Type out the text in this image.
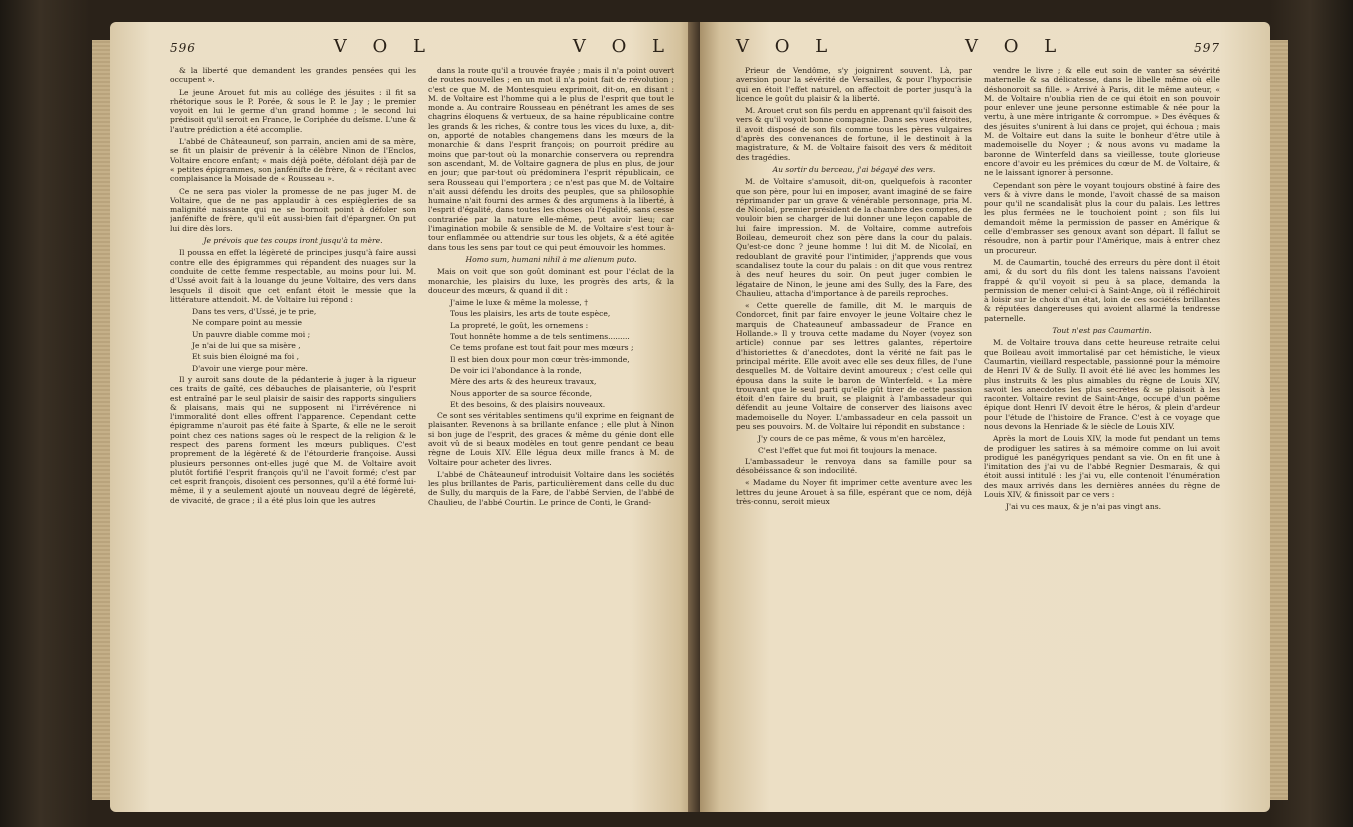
596	V O L	V O L

& la liberté que demandent les grandes pensées qui les occupent ».

Le jeune Arouet fut mis au collége des jésuites : il fit sa rhétorique sous le P. Porée, & sous le P. le Jay ; le premier voyoit en lui le germe d'un grand homme ; le second lui prédisoit qu'il seroit en France, le Coriphée du deïsme. L'une & l'autre prédiction a été accomplie.

L'abbé de Châteauneuf, son parrain, ancien ami de sa mère, se fit un plaisir de prévenir à la célèbre Ninon de l'Enclos, Voltaire encore enfant; « mais déjà poëte, défolant déjà par de « petites épigrammes, son janfénifte de frère, & « récitant avec complaisance la Moisade de « Rousseau ».

Ce ne sera pas violer la promesse de ne pas juger M. de Voltaire, que de ne pas applaudir à ces espiègleries de sa malignité naissante qui ne se bornoit point à défoler son janfénifte de frère, qu'il eût aussi-bien fait d'épargner. On put lui dire dès lors.

Je prévois que tes coups iront jusqu'à ta mère.

Il poussa en effet la légèreté de principes jusqu'à faire aussi contre elle des épigrammes qui répandent des nuages sur la conduite de cette femme respectable, au moins pour lui. M. d'Ussé avoit fait à la louange du jeune Voltaire, des vers dans lesquels il disoit que cet enfant étoit le messie que la littérature attendoit. M. de Voltaire lui répond :

Dans tes vers, d'Ussé, je te prie,

Ne compare point au messie

Un pauvre diable comme moi ;

Je n'ai de lui que sa misère ,

Et suis bien éloigné ma foi ,

D'avoir une vierge pour mère.

Il y auroit sans doute de la pédanterie à juger à la rigueur ces traits de gaîté, ces débauches de plaisanterie, où l'esprit est entraîné par le seul plaisir de saisir des rapports singuliers & plaisans, mais qui ne supposent ni l'irrévérence ni l'immoralité dont elles offrent l'apparence. Cependant cette épigramme n'auroit pas été faite à Sparte, & elle ne le seroit point chez ces nations sages où le respect de la religion & le respect des parens forment les mœurs publiques. C'est proprement de la légèreté & de l'étourderie françoise. Aussi plusieurs personnes ont-elles jugé que M. de Voltaire avoit plutôt fortifié l'esprit françois qu'il ne l'avoit formé; c'est par cet esprit françois, disoient ces personnes, qu'il a été formé lui-même, il y a seulement ajouté un nouveau degré de légèreté, de vivacité, de grace ; il a été plus loin que les autres

dans la route qu'il a trouvée frayée ; mais il n'a point ouvert de routes nouvelles ; en un mot il n'a point fait de révolution ; c'est ce que M. de Montesquieu exprimoit, dit-on, en disant : M. de Voltaire est l'homme qui a le plus de l'esprit que tout le monde a. Au contraire Rousseau en pénétrant les ames de ses chagrins éloquens & vertueux, de sa haine républicaine contre les grands & les riches, & contre tous les vices du luxe, a, dit-on, apporté de notables changemens dans les mœurs de la monarchie & dans l'esprit françois; on pourroit prédire au moins que par-tout où la monarchie conservera ou reprendra son ascendant, M. de Voltaire gagnera de plus en plus, de jour en jour; que par-tout où prédominera l'esprit républicain, ce sera Rousseau qui l'emportera ; ce n'est pas que M. de Voltaire n'ait aussi défendu les droits des peuples, que sa philosophie humaine n'ait fourni des armes & des argumens à la liberté, à l'esprit d'égalité, dans toutes les choses où l'égalité, sans cesse contrariée par la nature elle-même, peut avoir lieu; car l'imagination mobile & sensible de M. de Voltaire s'est tour à-tour enflammée ou attendrie sur tous les objets, & a été agitée dans tous les sens par tout ce qui peut émouvoir les hommes.

Homo sum, humani nihil à me alienum puto.

Mais on voit que son goût dominant est pour l'éclat de la monarchie, les plaisirs du luxe, les progrès des arts, & la douceur des mœurs, & quand il dit :

J'aime le luxe & même la molesse, †

Tous les plaisirs, les arts de toute espèce,

La propreté, le goût, les ornemens :

Tout honnête homme a de tels sentimens.........

Ce tems profane est tout fait pour mes mœurs ;

Il est bien doux pour mon cœur très-immonde,

De voir ici l'abondance à la ronde,

Mère des arts & des heureux travaux,

Nous apporter de sa source féconde,

Et des besoins, & des plaisirs nouveaux.

Ce sont ses véritables sentimens qu'il exprime en feignant de plaisanter. Revenons à sa brillante enfance ; elle plut à Ninon si bon juge de l'esprit, des graces & même du génie dont elle avoit vû de si beaux modèles en tout genre pendant ce beau règne de Louis XIV. Elle légua deux mille francs à M. de Voltaire pour acheter des livres.

L'abbé de Châteauneuf introduisit Voltaire dans les sociétés les plus brillantes de Paris, particulièrement dans celle du duc de Sully, du marquis de la Fare, de l'abbé Servien, de l'abbé de Chaulieu, de l'abbé Courtin. Le prince de Conti, le Grand-

V O L	V O L	597

Prieur de Vendôme, s'y joignirent souvent. Là, par aversion pour la sévérité de Versailles, & pour l'hypocrisie qui en étoit l'effet naturel, on affectoit de porter jusqu'à la licence le goût du plaisir & la liberté.

M. Arouet crut son fils perdu en apprenant qu'il faisoit des vers & qu'il voyoit bonne compagnie. Dans ses vues étroites, il avoit disposé de son fils comme tous les pères vulgaires d'après des convenances de fortune, il le destinoit à la magistrature, & M. de Voltaire faisoit des vers & méditoit des tragédies.

Au sortir du berceau, j'ai bégayé des vers.

M. de Voltaire s'amusoit, dit-on, quelquefois à raconter que son père, pour lui en imposer, avant imaginé de se faire réprimander par un grave & vénérable personnage, pria M. de Nicolaï, premier président de la chambre des comptes, de vouloir bien se charger de lui donner une leçon capable de lui faire impression. M. de Voltaire, comme autrefois Boileau, demeuroit chez son père dans la cour du palais. Qu'est-ce donc ? jeune homme ! lui dit M. de Nicolaï, en redoublant de gravité pour l'intimider, j'apprends que vous scandalisez toute la cour du palais : on dit que vous rentrez à des neuf heures du soir. On peut juger combien le légataire de Ninon, le jeune ami des Sully, des la Fare, des Chaulieu, attacha d'importance à de pareils reproches.

« Cette querelle de famille, dit M. le marquis de Condorcet, finit par faire envoyer le jeune Voltaire chez le marquis de Chateauneuf ambassadeur de France en Hollande.» Il y trouva cette madame du Noyer (voyez son article) connue par ses lettres galantes, répertoire d'historiettes & d'anecdotes, dont la vérité ne fait pas le principal mérite. Elle avoit avec elle ses deux filles, de l'une desquelles M. de Voltaire devint amoureux ; c'est celle qui épousa dans la suite le baron de Winterfeld. « La mère trouvant que le seul parti qu'elle pût tirer de cette passion étoit d'en faire du bruit, se plaignit à l'ambassadeur qui défendit au jeune Voltaire de conserver des liaisons avec mademoiselle du Noyer. L'ambassadeur en cela passoit un peu ses pouvoirs. M. de Voltaire lui répondit en substance :

J'y cours de ce pas même, & vous m'en harcèlez,

C'est l'effet que fut moi fit toujours la menace.

L'ambassadeur le renvoya dans sa famille pour sa désobéissance & son indocilité.

« Madame du Noyer fit imprimer cette aventure avec les lettres du jeune Arouet à sa fille, espérant que ce nom, déjà très-connu, seroit mieux

vendre le livre ; & elle eut soin de vanter sa sévérité maternelle & sa délicatesse, dans le libelle même où elle déshonoroit sa fille. » Arrivé à Paris, dit le même auteur, « M. de Voltaire n'oublia rien de ce qui étoit en son pouvoir pour enlever une jeune personne estimable & née pour la vertu, à une mère intrigante & corrompue. » Des évêques & des jésuites s'unirent à lui dans ce projet, qui échoua ; mais M. de Voltaire eut dans la suite le bonheur d'être utile à mademoiselle du Noyer ; & nous avons vu madame la baronne de Winterfeld dans sa vieillesse, toute glorieuse encore d'avoir eu les prémices du cœur de M. de Voltaire, & ne le laissant ignorer à personne.

Cependant son père le voyant toujours obstiné à faire des vers & à vivre dans le monde, l'avoit chassé de sa maison pour qu'il ne scandalisât plus la cour du palais. Les lettres les plus fermées ne le touchoient point ; son fils lui demandoit même la permission de passer en Amérique & celle d'embrasser ses genoux avant son départ. Il fallut se résoudre, non à partir pour l'Amérique, mais à entrer chez un procureur.

M. de Caumartin, touché des erreurs du père dont il étoit ami, & du sort du fils dont les talens naissans l'avoient frappé & qu'il voyoit si peu à sa place, demanda la permission de mener celui-ci à Saint-Ange, où il réfléchiroit à loisir sur le choix d'un état, loin de ces sociétés brillantes & réputées dangereuses qui avoient allarmé la tendresse paternelle.

Tout n'est pas Caumartin.

M. de Voltaire trouva dans cette heureuse retraite celui que Boileau avoit immortalisé par cet hémistiche, le vieux Caumartin, vieillard respectable, passionné pour la mémoire de Henri IV & de Sully. Il avoit été lié avec les hommes les plus instruits & les plus aimables du règne de Louis XIV, savoit les anecdotes les plus secrètes & se plaisoit à les raconter. Voltaire revint de Saint-Ange, occupé d'un poëme épique dont Henri IV devoit être le héros, & plein d'ardeur pour l'étude de l'histoire de France. C'est à ce voyage que nous devons la Henriade & le siècle de Louis XIV.

Après la mort de Louis XIV, la mode fut pendant un tems de prodiguer les satires à sa mémoire comme on lui avoit prodigué les panégyriques pendant sa vie. On en fit une à l'imitation des j'ai vu de l'abbé Regnier Desmarais, & qui étoit aussi intitulé : les j'ai vu, elle contenoit l'énumération des maux arrivés dans les dernières années du règne de Louis XIV, & finissoit par ce vers :

J'ai vu ces maux, & je n'ai pas vingt ans.
